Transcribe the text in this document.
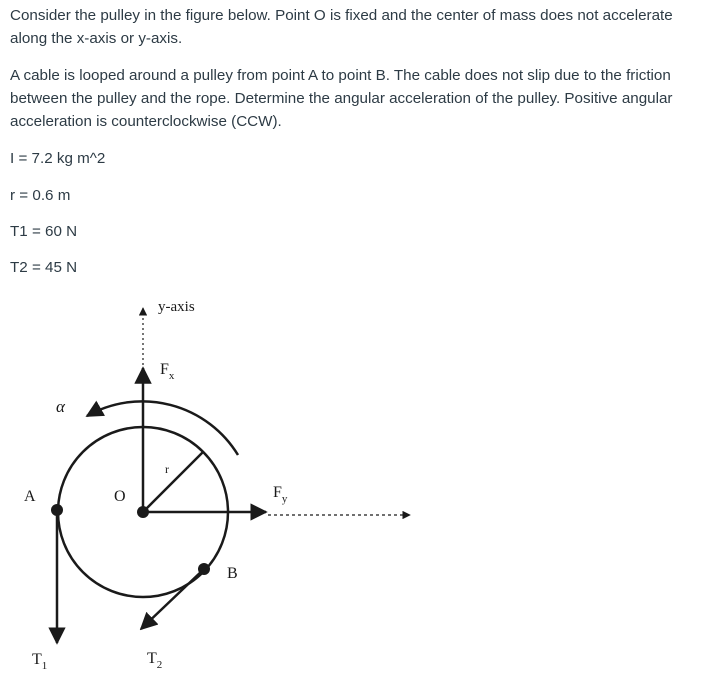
Consider the pulley in the figure below. Point O is fixed and the center of mass does not accelerate along the x-axis or y-axis.
A cable is looped around a pulley from point A to point B. The cable does not slip due to the friction between the pulley and the rope. Determine the angular acceleration of the pulley. Positive angular acceleration is counterclockwise (CCW).
I = 7.2 kg m^2
r = 0.6 m
T1 = 60 N
T2 = 45 N
y-axis
$F_x$
α
r
$F_y$
O
A
$T_1$
B
$T_2$
